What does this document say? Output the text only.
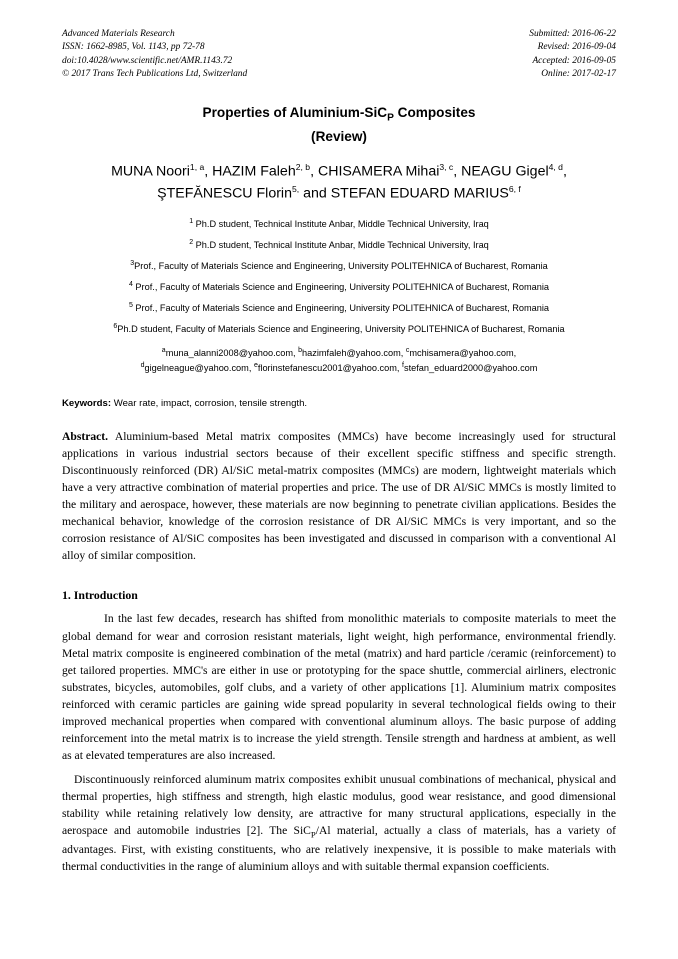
Advanced Materials Research
ISSN: 1662-8985, Vol. 1143, pp 72-78
doi:10.4028/www.scientific.net/AMR.1143.72
© 2017 Trans Tech Publications Ltd, Switzerland
Submitted: 2016-06-22
Revised: 2016-09-04
Accepted: 2016-09-05
Online: 2017-02-17
Properties of Aluminium-SiC$_P$ Composites
(Review)
MUNA Noori$^{1, a}$, HAZIM Faleh$^{2, b}$, CHISAMERA Mihai$^{3, c}$, NEAGU Gigel$^{4, d}$,
ŞTEFĂNESCU Florin$^{5,}$ and STEFAN EDUARD MARIUS$^{6, f}$
$^1$ Ph.D student, Technical Institute Anbar, Middle Technical University, Iraq
$^2$ Ph.D student, Technical Institute Anbar, Middle Technical University, Iraq
$^3$Prof., Faculty of Materials Science and Engineering, University POLITEHNICA of Bucharest, Romania
$^4$ Prof., Faculty of Materials Science and Engineering, University POLITEHNICA of Bucharest, Romania
$^5$ Prof., Faculty of Materials Science and Engineering, University POLITEHNICA of Bucharest, Romania
$^6$Ph.D student, Faculty of Materials Science and Engineering, University POLITEHNICA of Bucharest, Romania
$^a$muna_alanni2008@yahoo.com, $^b$hazimfaleh@yahoo.com, $^c$mchisamera@yahoo.com,
$^d$gigelneague@yahoo.com, $^e$florinstefanescu2001@yahoo.com, $^f$stefan_eduard2000@yahoo.com
Keywords: Wear rate, impact, corrosion, tensile strength.
Abstract. Aluminium-based Metal matrix composites (MMCs) have become increasingly used for structural applications in various industrial sectors because of their excellent specific stiffness and specific strength. Discontinuously reinforced (DR) Al/SiC metal-matrix composites (MMCs) are modern, lightweight materials which have a very attractive combination of material properties and price. The use of DR Al/SiC MMCs is mostly limited to the military and aerospace, however, these materials are now beginning to penetrate civilian applications. Besides the mechanical behavior, knowledge of the corrosion resistance of DR Al/SiC MMCs is very important, and so the corrosion resistance of Al/SiC composites has been investigated and discussed in comparison with a conventional Al alloy of similar composition.
1. Introduction
In the last few decades, research has shifted from monolithic materials to composite materials to meet the global demand for wear and corrosion resistant materials, light weight, high performance, environmental friendly. Metal matrix composite is engineered combination of the metal (matrix) and hard particle /ceramic (reinforcement) to get tailored properties. MMC's are either in use or prototyping for the space shuttle, commercial airliners, electronic substrates, bicycles, automobiles, golf clubs, and a variety of other applications [1]. Aluminium matrix composites reinforced with ceramic particles are gaining wide spread popularity in several technological fields owing to their improved mechanical properties when compared with conventional aluminum alloys. The basic purpose of adding reinforcement into the metal matrix is to increase the yield strength. Tensile strength and hardness at ambient, as well as at elevated temperatures are also increased.
Discontinuously reinforced aluminum matrix composites exhibit unusual combinations of mechanical, physical and thermal properties, high stiffness and strength, high elastic modulus, good wear resistance, and good dimensional stability while retaining relatively low density, are attractive for many structural applications, especially in the aerospace and automobile industries [2]. The SiC$_P$/Al material, actually a class of materials, has a variety of advantages. First, with existing constituents, who are relatively inexpensive, it is possible to make materials with thermal conductivities in the range of aluminium alloys and with suitable thermal expansion coefficients.
